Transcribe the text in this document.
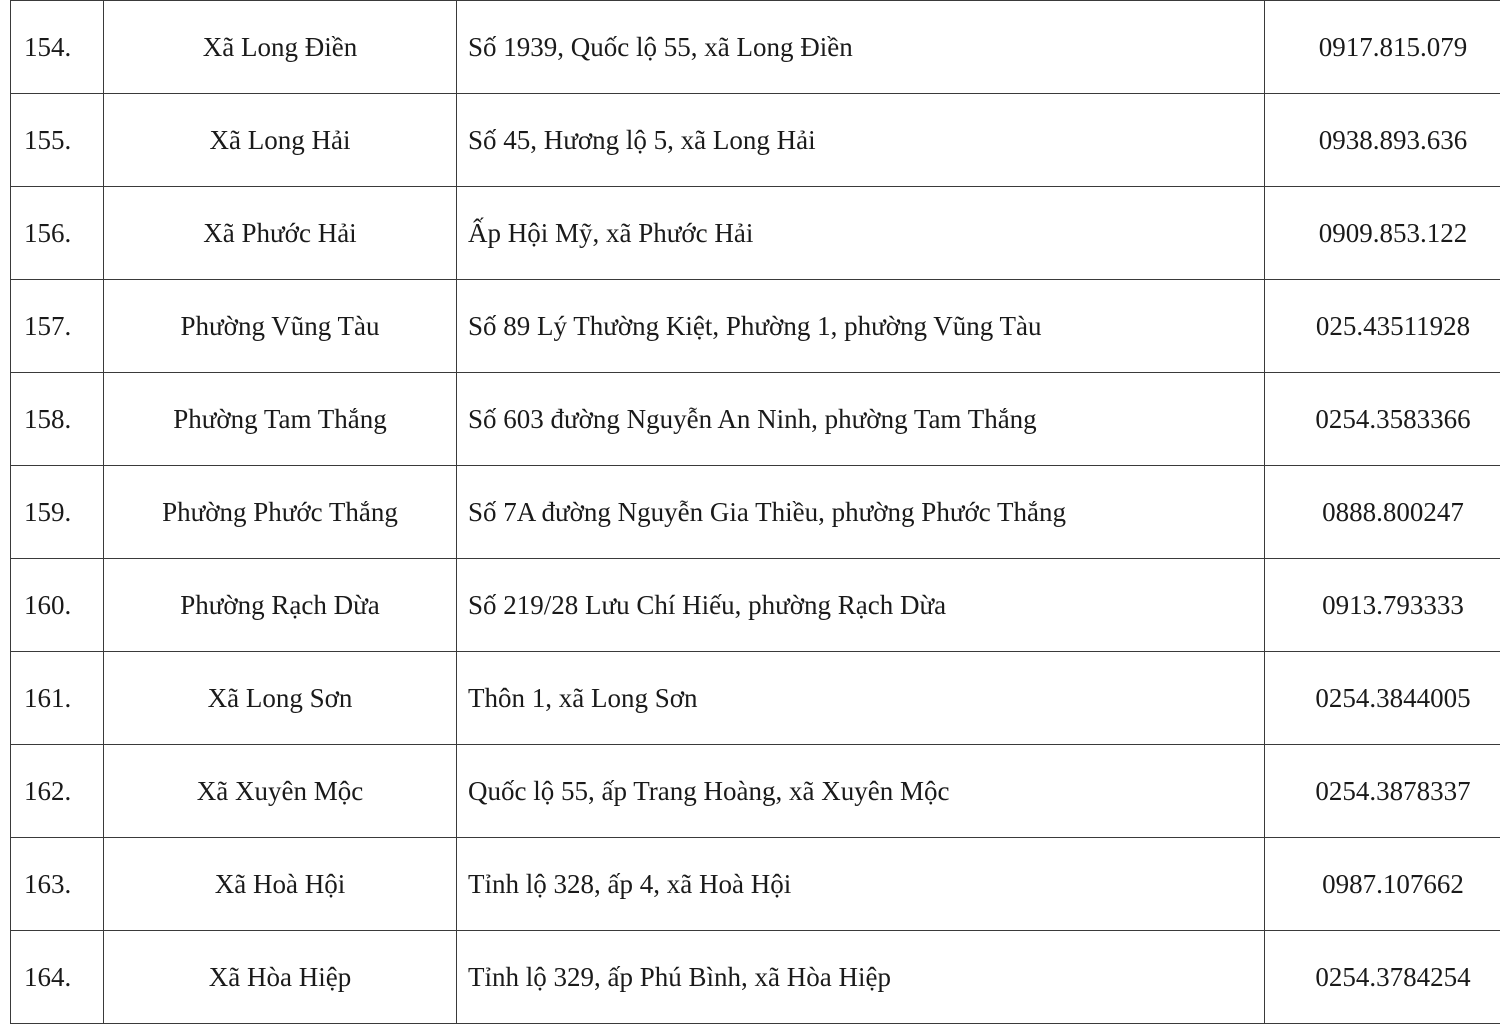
154.	Xã Long Điền	Số 1939, Quốc lộ 55, xã Long Điền	0917.815.079
155.	Xã Long Hải	Số 45, Hương lộ 5, xã Long Hải	0938.893.636
156.	Xã Phước Hải	Ấp Hội Mỹ, xã Phước Hải	0909.853.122
157.	Phường Vũng Tàu	Số 89 Lý Thường Kiệt, Phường 1, phường Vũng Tàu	025.43511928
158.	Phường Tam Thắng	Số 603 đường Nguyễn An Ninh, phường Tam Thắng	0254.3583366
159.	Phường Phước Thắng	Số 7A đường Nguyễn Gia Thiều, phường Phước Thắng	0888.800247
160.	Phường Rạch Dừa	Số 219/28 Lưu Chí Hiếu, phường Rạch Dừa	0913.793333
161.	Xã Long Sơn	Thôn 1, xã Long Sơn	0254.3844005
162.	Xã Xuyên Mộc	Quốc lộ 55, ấp Trang Hoàng, xã Xuyên Mộc	0254.3878337
163.	Xã Hoà Hội	Tỉnh lộ 328, ấp 4, xã Hoà Hội	0987.107662
164.	Xã Hòa Hiệp	Tỉnh lộ 329, ấp Phú Bình, xã Hòa Hiệp	0254.3784254
